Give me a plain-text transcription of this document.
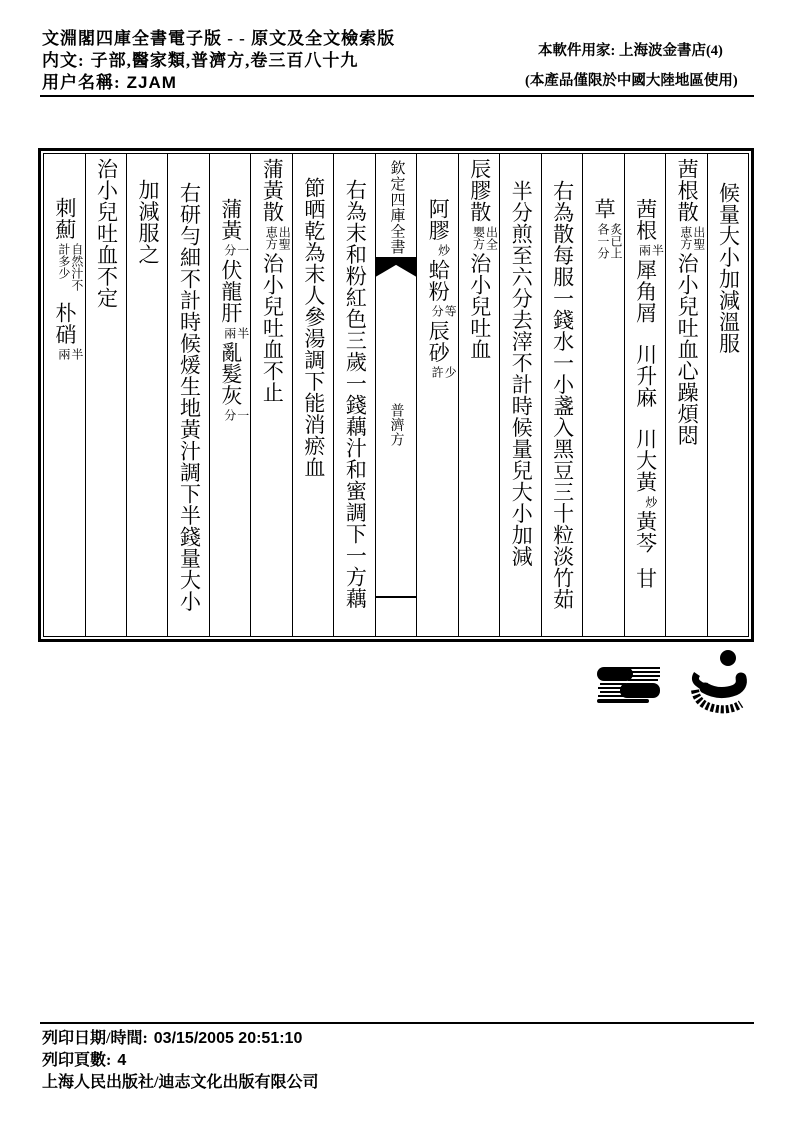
文淵閣四庫全書電子版 - - 原文及全文檢索版
内文: 子部,醫家類,普濟方,卷三百八十九
用户名稱: ZJAM
本軟件用家: 上海波金書店(4)
(本產品僅限於中國大陸地區使用)
候量大小加減溫服
茜根散
出聖
恵方
治小兒吐血心躁煩悶
茜根
半
兩
犀角屑川升麻川大黃
炒
黃芩甘
草
炙已上
各一分
右為散每服一錢水一小盞入黑豆三十粒淡竹茹
半分煎至六分去滓不計時候量兒大小加減
辰膠散
出全
嬰方
治小兒吐血
阿膠
炒
蛤粉
等
分
辰砂
少
許
欽定四庫全書
普濟方
右為末和粉紅色三歲一錢藕汁和蜜調下一方藕
節晒乾為末人參湯調下能消瘀血
蒲黃散
出聖
恵方
治小兒吐血不止
蒲黃
一
分
伏龍肝
半
兩
亂髮灰
一
分
右研勻細不計時候煖生地黃汁調下半錢量大小
加減服之
治小兒吐血不定
刺薊
自然汁不
計多少
朴硝
半
兩
列印日期/時間: 03/15/2005 20:51:10
列印頁數: 4
上海人民出版社/迪志文化出版有限公司
